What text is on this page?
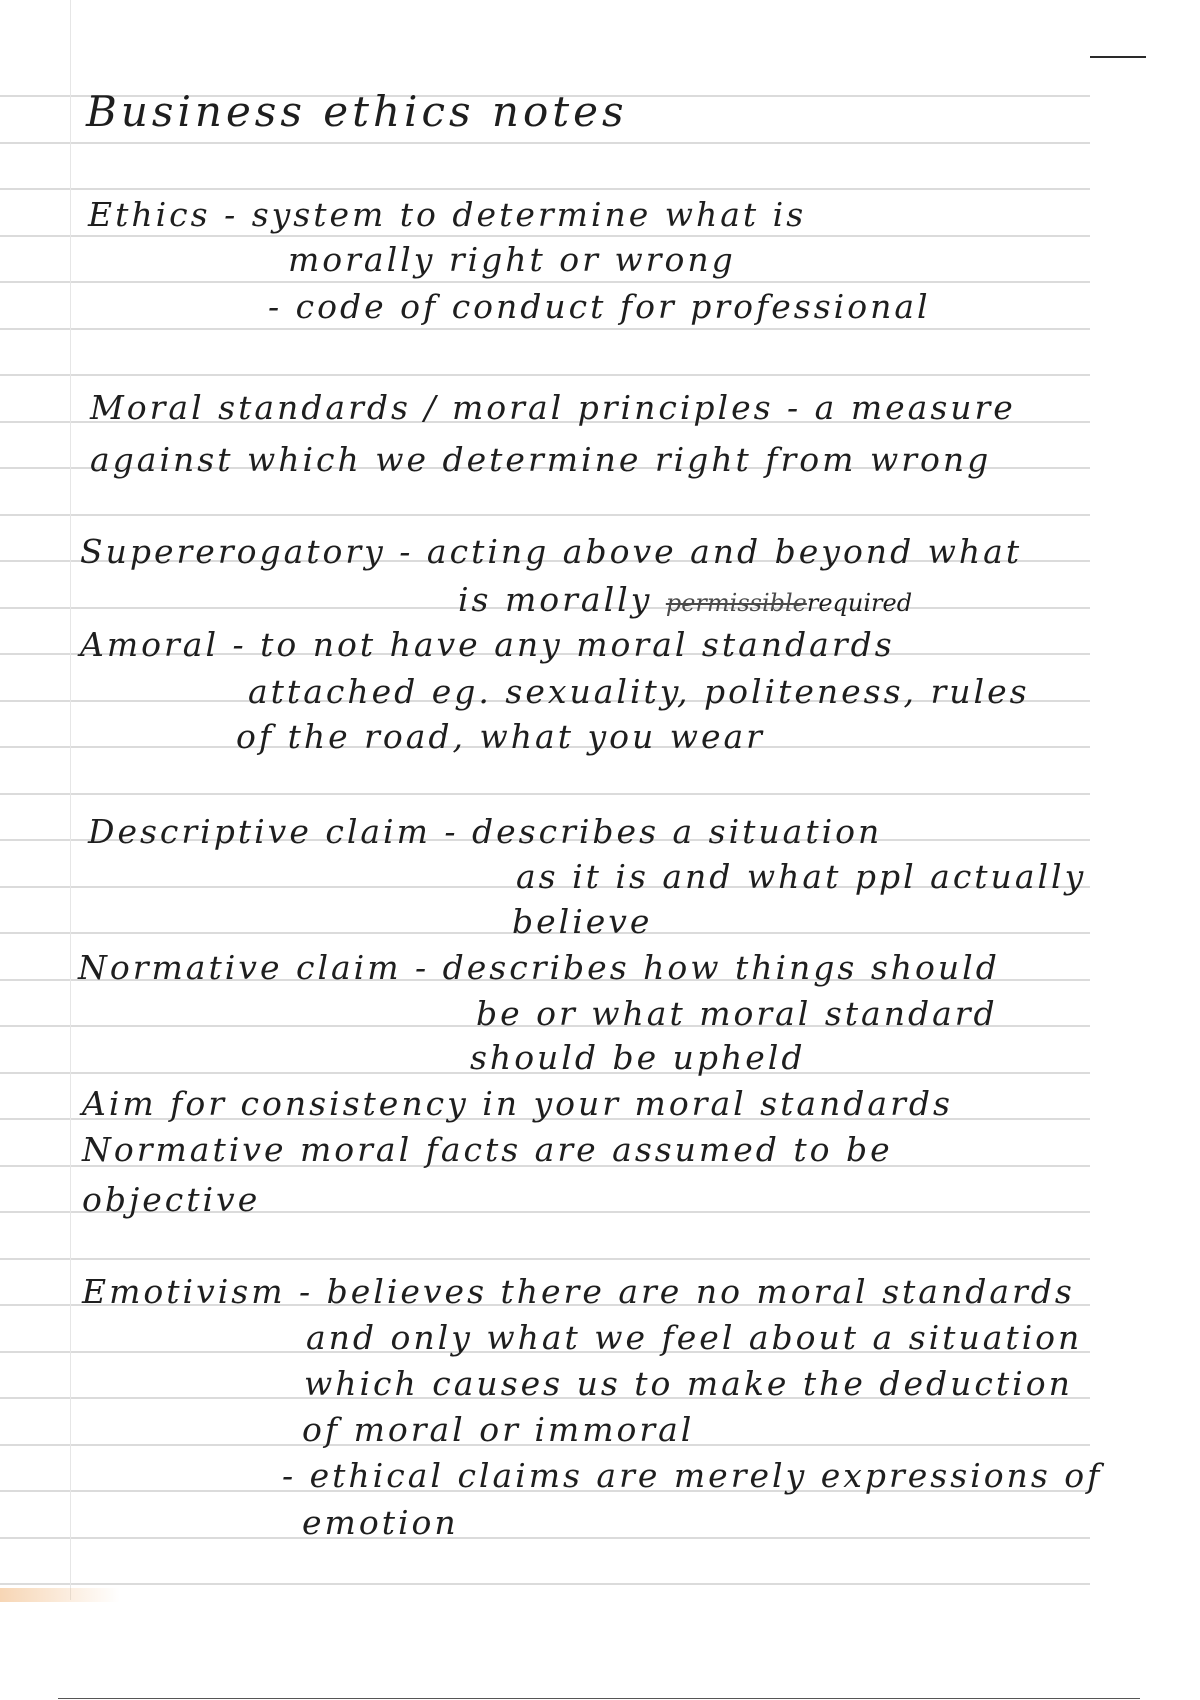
Business ethics notes

Ethics - system to determine what is

morally right or wrong

- code of conduct for professional

Moral standards / moral principles - a measure

against which we determine right from wrong

Supererogatory - acting above and beyond what

is morally permissiblerequired

Amoral - to not have any moral standards

attached eg. sexuality, politeness, rules

of the road, what you wear

Descriptive claim - describes a situation

as it is and what ppl actually

believe

Normative claim - describes how things should

be or what moral standard

should be upheld

Aim for consistency in your moral standards

Normative moral facts are assumed to be

objective

Emotivism - believes there are no moral standards

and only what we feel about a situation

which causes us to make the deduction

of moral or immoral

- ethical claims are merely expressions of

emotion
